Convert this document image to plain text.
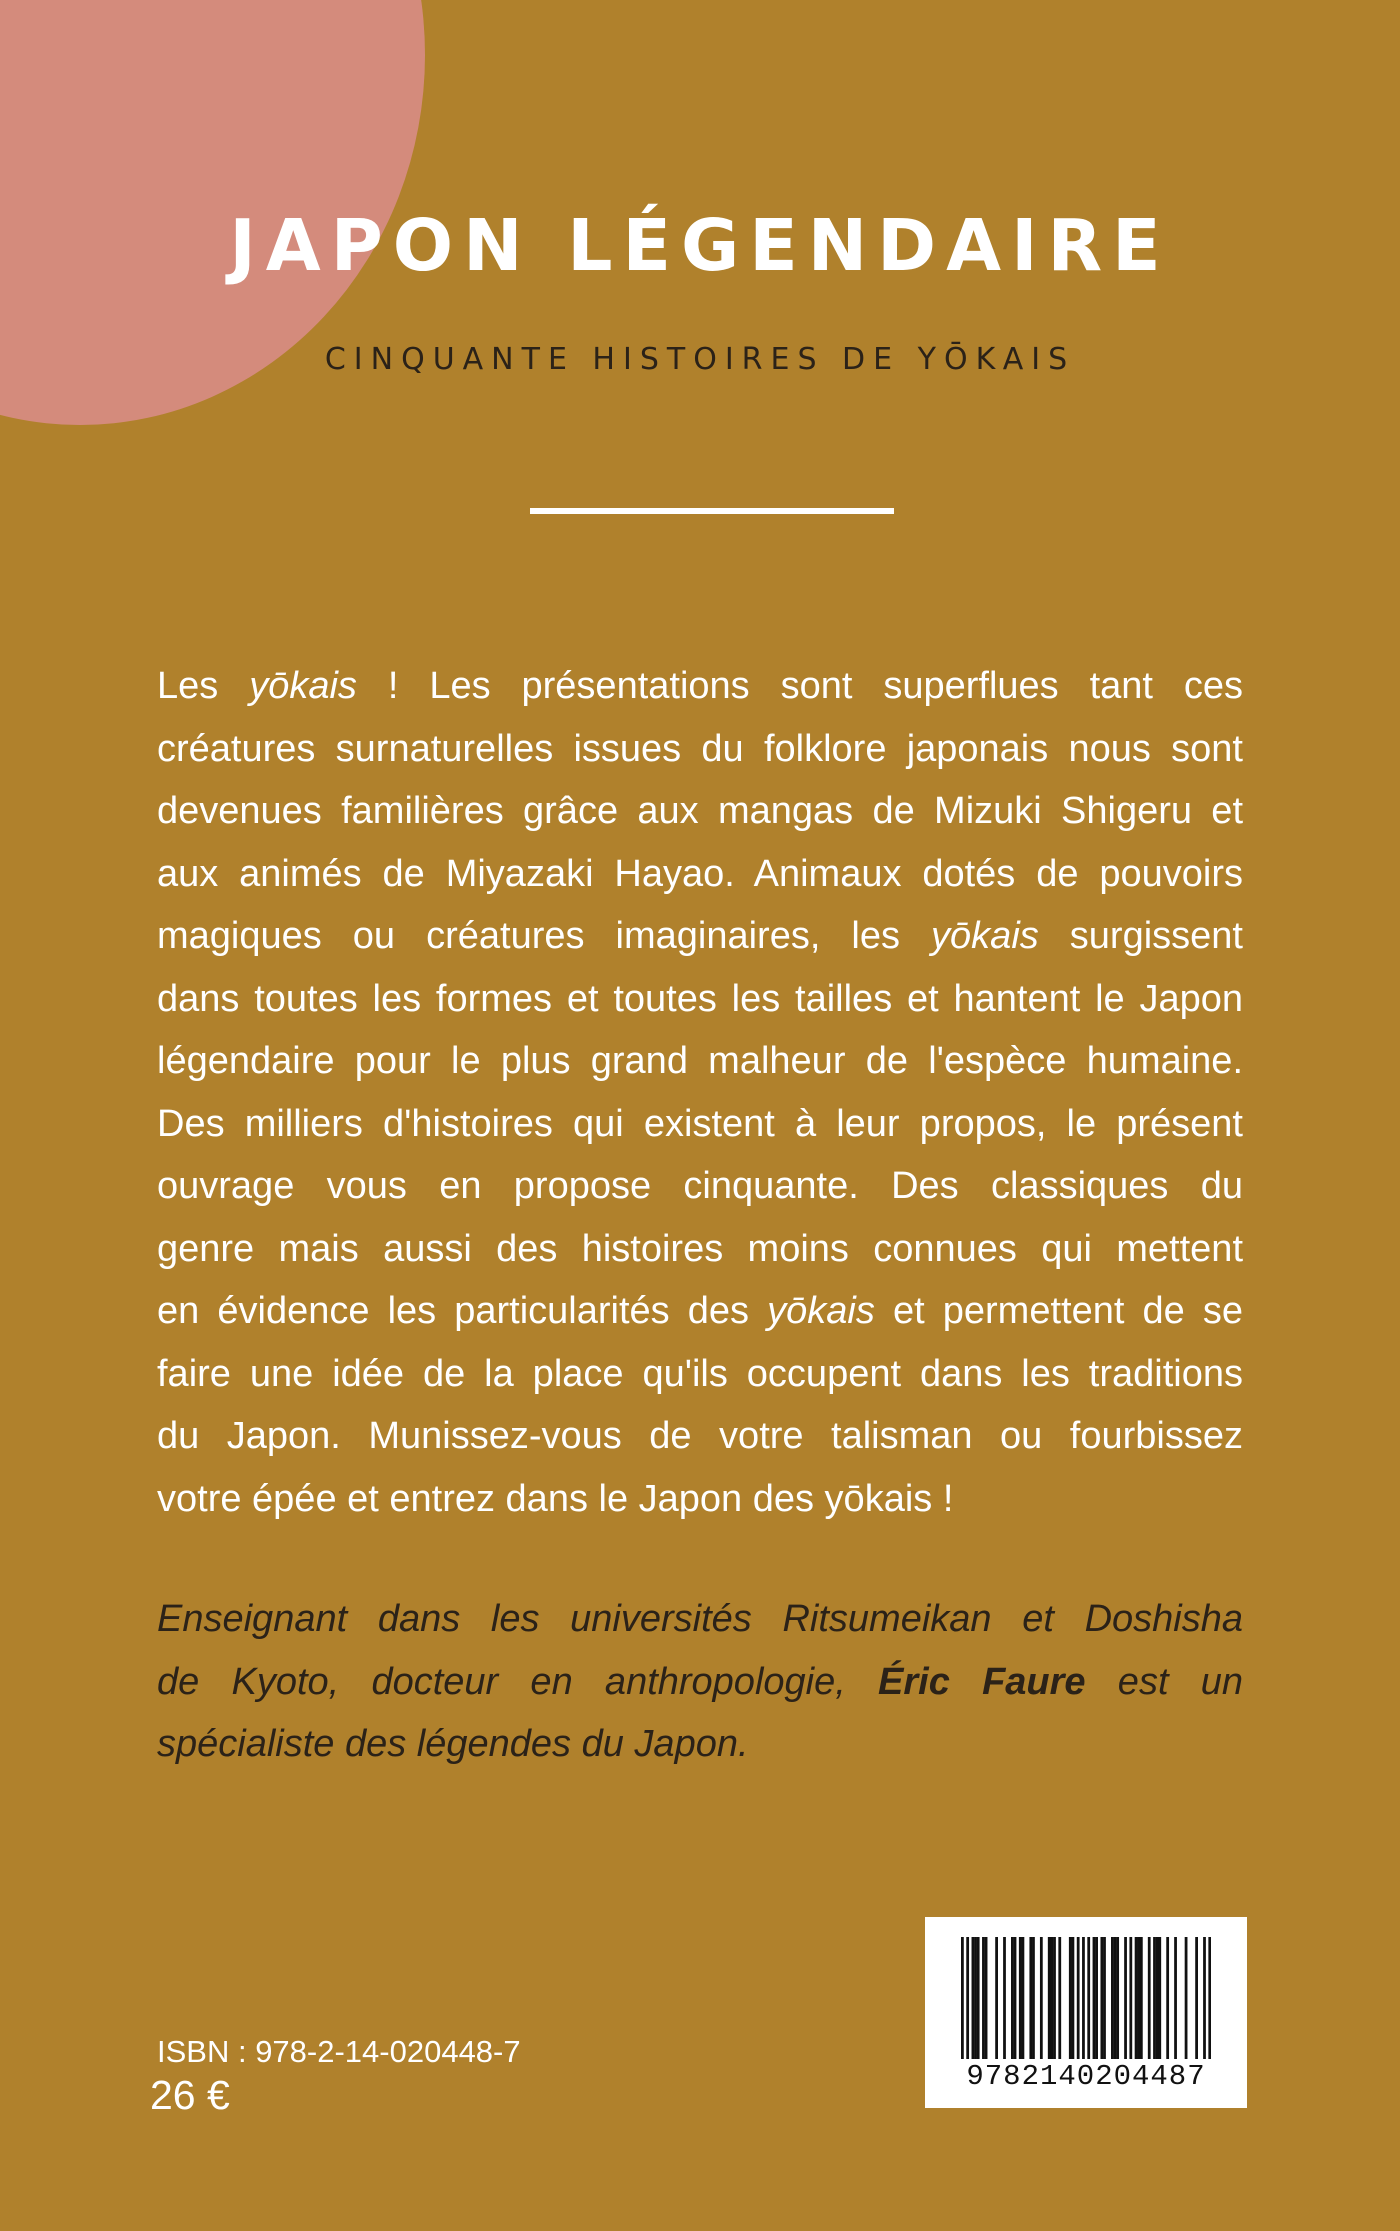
JAPON LÉGENDAIRE
CINQUANTE HISTOIRES DE YŌKAIS
Les yōkais ! Les présentations sont superflues tant ces
créatures surnaturelles issues du folklore japonais nous sont
devenues familières grâce aux mangas de Mizuki Shigeru et
aux animés de Miyazaki Hayao. Animaux dotés de pouvoirs
magiques ou créatures imaginaires, les yōkais surgissent
dans toutes les formes et toutes les tailles et hantent le Japon
légendaire pour le plus grand malheur de l'espèce humaine.
Des milliers d'histoires qui existent à leur propos, le présent
ouvrage vous en propose cinquante. Des classiques du
genre mais aussi des histoires moins connues qui mettent
en évidence les particularités des yōkais et permettent de se
faire une idée de la place qu'ils occupent dans les traditions
du Japon. Munissez-vous de votre talisman ou fourbissez
votre épée et entrez dans le Japon des yōkais !
Enseignant dans les universités Ritsumeikan et Doshisha
de Kyoto, docteur en anthropologie, Éric Faure est un
spécialiste des légendes du Japon.
ISBN : 978-2-14-020448-7
26 €	9782140204487
